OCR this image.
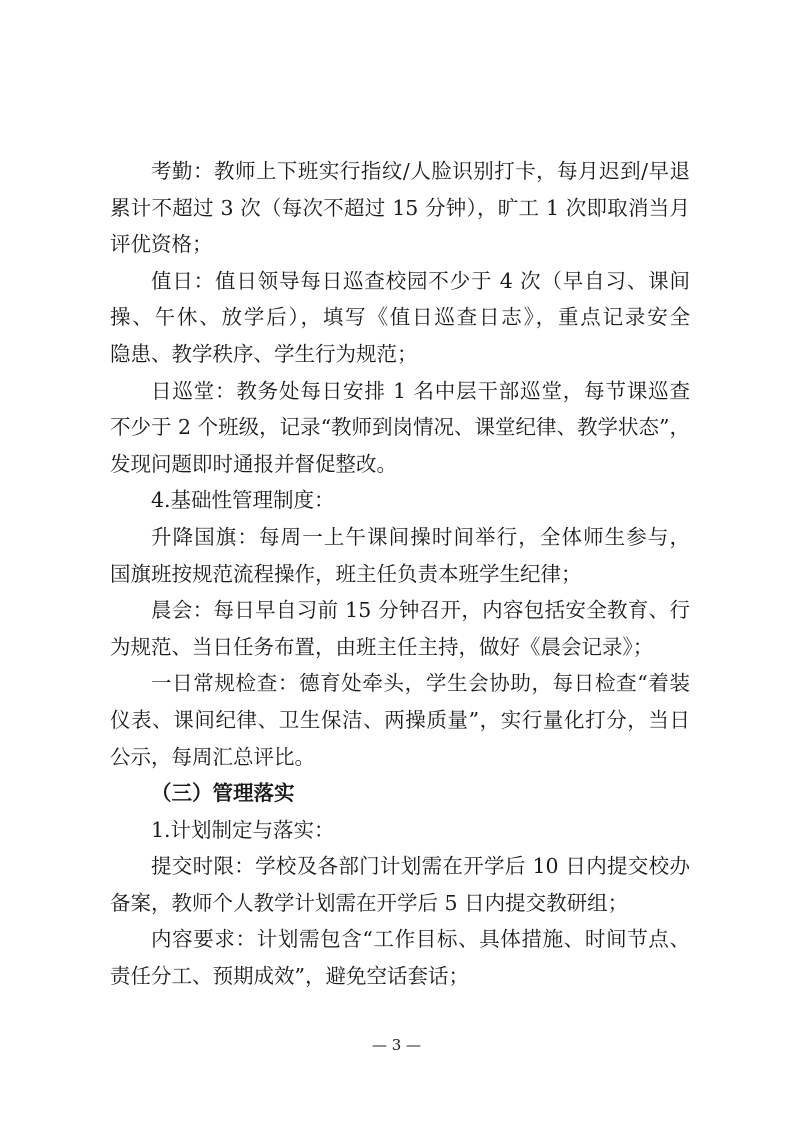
考勤：教师上下班实行指纹/人脸识别打卡，每月迟到/早退
累计不超过 3 次（每次不超过 15 分钟），旷工 1 次即取消当月
评优资格；
值日：值日领导每日巡查校园不少于 4 次（早自习、课间
操、午休、放学后），填写《值日巡查日志》，重点记录安全
隐患、教学秩序、学生行为规范；
日巡堂：教务处每日安排 1 名中层干部巡堂，每节课巡查
不少于 2 个班级，记录“教师到岗情况、课堂纪律、教学状态”，
发现问题即时通报并督促整改。
4.基础性管理制度：
升降国旗：每周一上午课间操时间举行，全体师生参与，
国旗班按规范流程操作，班主任负责本班学生纪律；
晨会：每日早自习前 15 分钟召开，内容包括安全教育、行
为规范、当日任务布置，由班主任主持，做好《晨会记录》；
一日常规检查：德育处牵头，学生会协助，每日检查“着装
仪表、课间纪律、卫生保洁、两操质量”，实行量化打分，当日
公示，每周汇总评比。
（三）管理落实
1.计划制定与落实：
提交时限：学校及各部门计划需在开学后 10 日内提交校办
备案，教师个人教学计划需在开学后 5 日内提交教研组；
内容要求：计划需包含“工作目标、具体措施、时间节点、
责任分工、预期成效”，避免空话套话；
— 3 —
